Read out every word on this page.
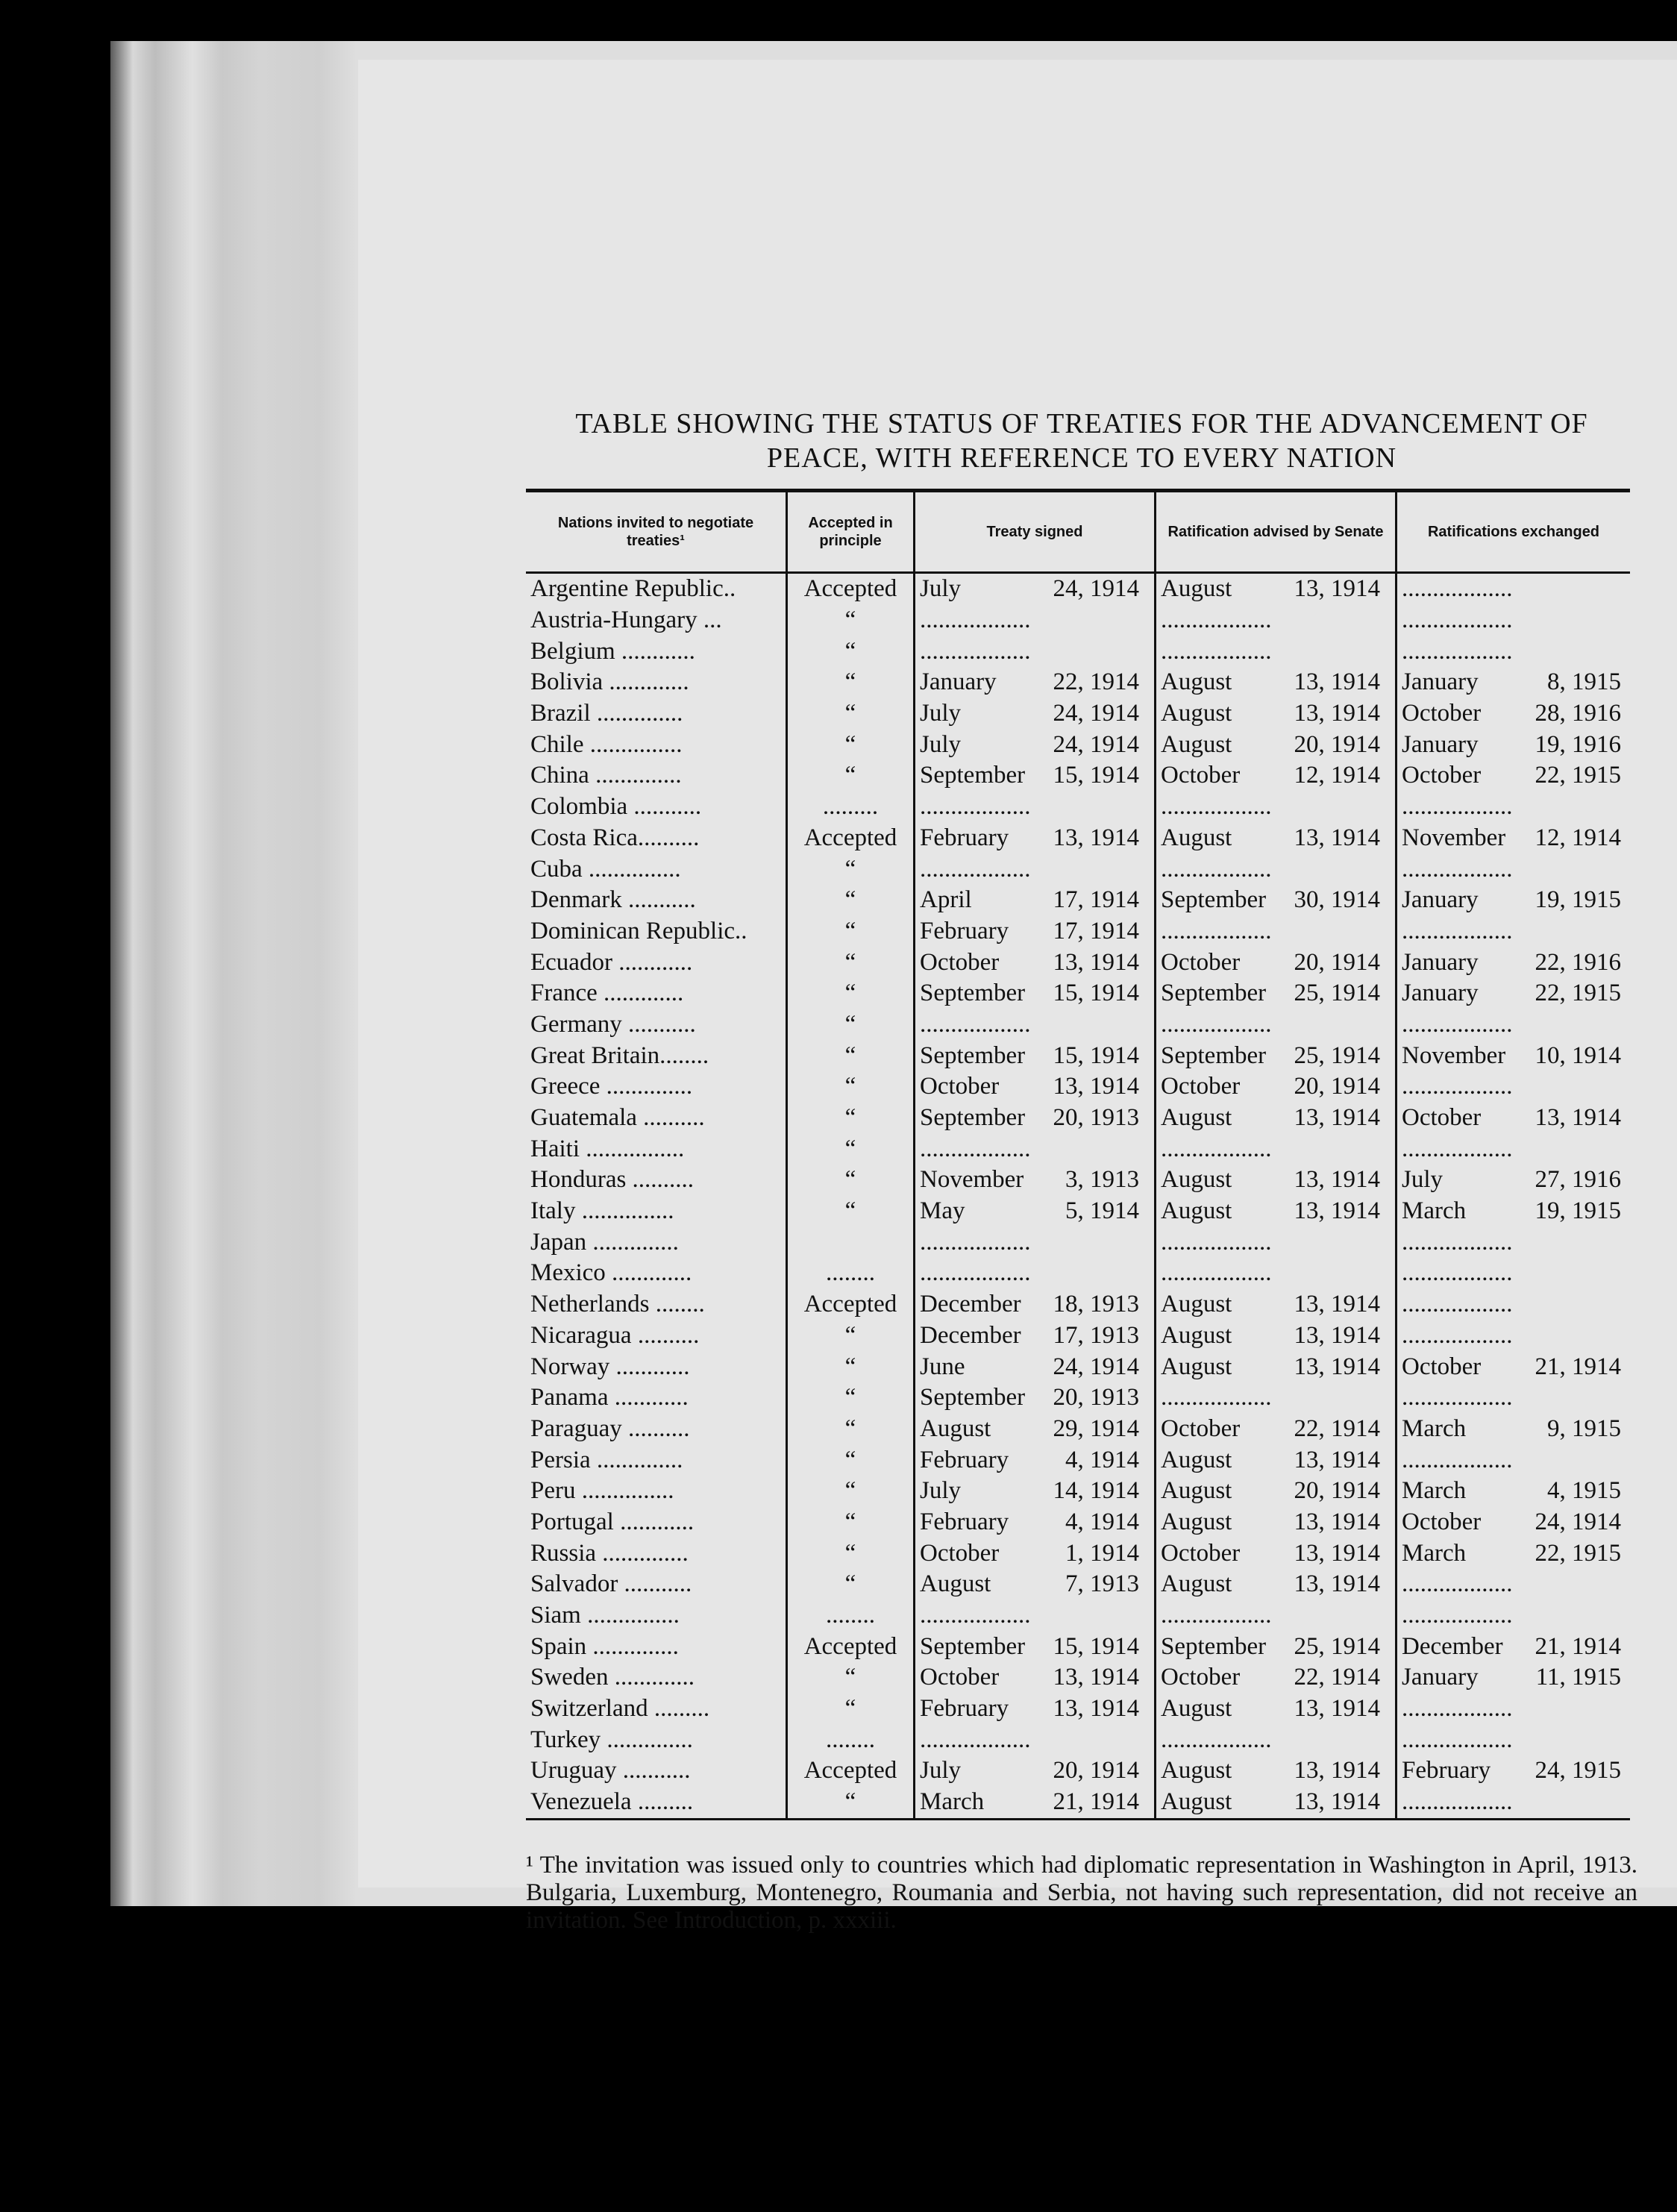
TABLE SHOWING THE STATUS OF TREATIES FOR THE ADVANCEMENT OF
PEACE, WITH REFERENCE TO EVERY NATION
Nations invited to negotiate treaties¹	Accepted in principle	Treaty signed	Ratification advised by Senate	Ratifications exchanged
Argentine Republic..	Accepted	July 24, 1914	August 13, 1914	..................
Austria-Hungary ...	“	..................	..................	..................
Belgium ............	“	..................	..................	..................
Bolivia .............	“	January 22, 1914	August 13, 1914	January 8, 1915
Brazil ..............	“	July 24, 1914	August 13, 1914	October 28, 1916
Chile ...............	“	July 24, 1914	August 20, 1914	January 19, 1916
China ..............	“	September 15, 1914	October 12, 1914	October 22, 1915
Colombia ...........	.........	..................	..................	..................
Costa Rica..........	Accepted	February 13, 1914	August 13, 1914	November 12, 1914
Cuba ...............	“	..................	..................	..................
Denmark ...........	“	April 17, 1914	September 30, 1914	January 19, 1915
Dominican Republic..	“	February 17, 1914	..................	..................
Ecuador ............	“	October 13, 1914	October 20, 1914	January 22, 1916
France .............	“	September 15, 1914	September 25, 1914	January 22, 1915
Germany ...........	“	..................	..................	..................
Great Britain........	“	September 15, 1914	September 25, 1914	November 10, 1914
Greece ..............	“	October 13, 1914	October 20, 1914	..................
Guatemala ..........	“	September 20, 1913	August 13, 1914	October 13, 1914
Haiti ................	“	..................	..................	..................
Honduras ..........	“	November 3, 1913	August 13, 1914	July 27, 1916
Italy ...............	“	May 5, 1914	August 13, 1914	March 19, 1915
Japan ..............		..................	..................	..................
Mexico .............	........	..................	..................	..................
Netherlands ........	Accepted	December 18, 1913	August 13, 1914	..................
Nicaragua ..........	“	December 17, 1913	August 13, 1914	..................
Norway ............	“	June 24, 1914	August 13, 1914	October 21, 1914
Panama ............	“	September 20, 1913	..................	..................
Paraguay ..........	“	August 29, 1914	October 22, 1914	March 9, 1915
Persia ..............	“	February 4, 1914	August 13, 1914	..................
Peru ...............	“	July 14, 1914	August 20, 1914	March 4, 1915
Portugal ............	“	February 4, 1914	August 13, 1914	October 24, 1914
Russia ..............	“	October 1, 1914	October 13, 1914	March 22, 1915
Salvador ...........	“	August 7, 1913	August 13, 1914	..................
Siam ...............	........	..................	..................	..................
Spain ..............	Accepted	September 15, 1914	September 25, 1914	December 21, 1914
Sweden .............	“	October 13, 1914	October 22, 1914	January 11, 1915
Switzerland .........	“	February 13, 1914	August 13, 1914	..................
Turkey ..............	........	..................	..................	..................
Uruguay ...........	Accepted	July 20, 1914	August 13, 1914	February 24, 1915
Venezuela .........	“	March 21, 1914	August 13, 1914	..................
¹ The invitation was issued only to countries which had diplomatic representation in Washington in April, 1913. Bulgaria, Luxemburg, Montenegro, Roumania and Serbia, not having such representation, did not receive an invitation. See Introduction, p. xxxiii.
